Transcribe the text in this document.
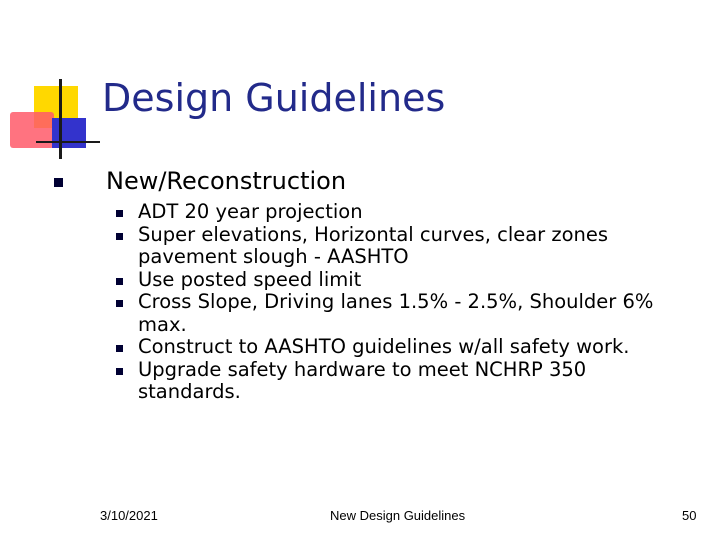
Design Guidelines
New/Reconstruction
ADT 20 year projection
Super elevations, Horizontal curves, clear zones pavement slough - AASHTO
Use posted speed limit
Cross Slope, Driving lanes 1.5% - 2.5%, Shoulder 6% max.
Construct to AASHTO guidelines w/all safety work.
Upgrade safety hardware to meet NCHRP 350 standards.
3/10/2021	New Design Guidelines	50
